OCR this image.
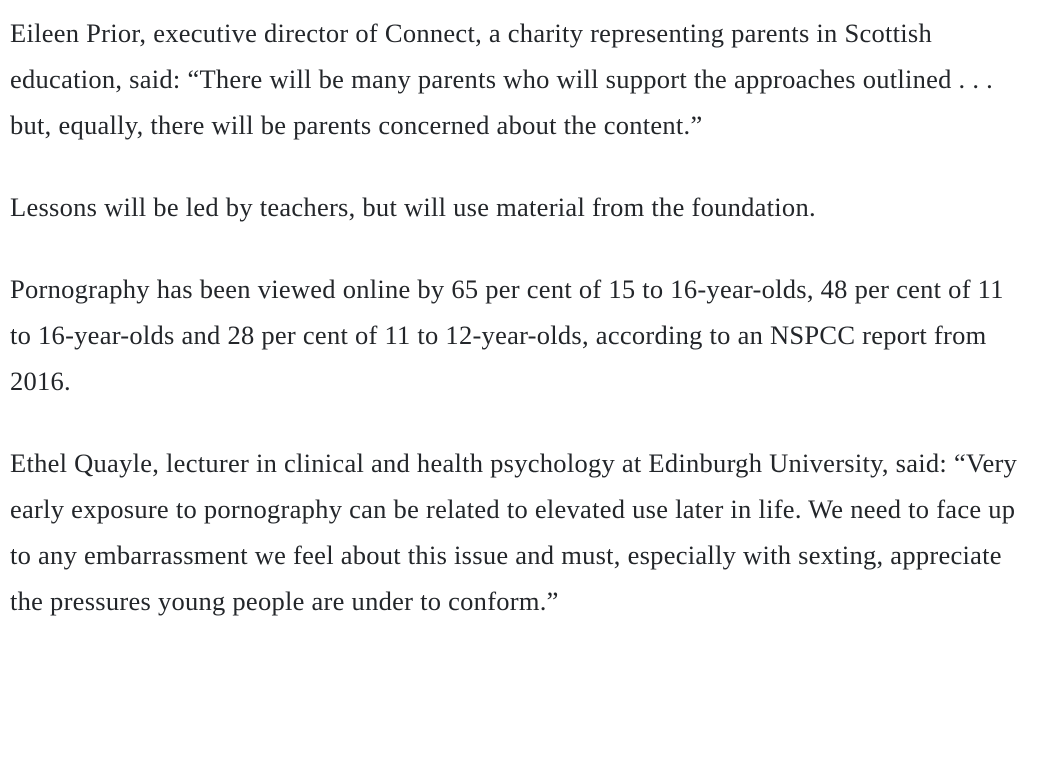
Eileen Prior, executive director of Connect, a charity representing parents in Scottish education, said: “There will be many parents who will support the approaches outlined . . . but, equally, there will be parents concerned about the content.”

Lessons will be led by teachers, but will use material from the foundation.

Pornography has been viewed online by 65 per cent of 15 to 16-year-olds, 48 per cent of 11 to 16-year-olds and 28 per cent of 11 to 12-year-olds, according to an NSPCC report from 2016.

Ethel Quayle, lecturer in clinical and health psychology at Edinburgh University, said: “Very early exposure to pornography can be related to elevated use later in life. We need to face up to any embarrassment we feel about this issue and must, especially with sexting, appreciate the pressures young people are under to conform.”
